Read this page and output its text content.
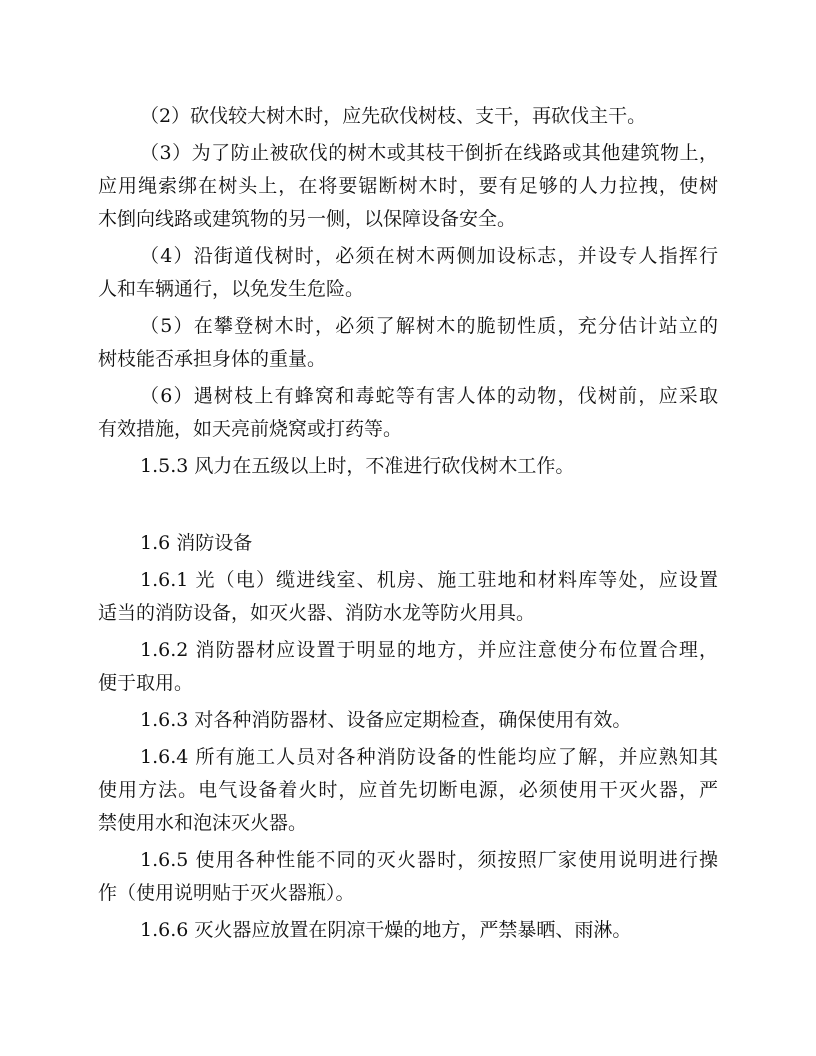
（2）砍伐较大树木时，应先砍伐树枝、支干，再砍伐主干。

（3）为了防止被砍伐的树木或其枝干倒折在线路或其他建筑物上，
应用绳索绑在树头上，在将要锯断树木时，要有足够的人力拉拽，使树
木倒向线路或建筑物的另一侧，以保障设备安全。

（4）沿街道伐树时，必须在树木两侧加设标志，并设专人指挥行
人和车辆通行，以免发生危险。

（5）在攀登树木时，必须了解树木的脆韧性质，充分估计站立的
树枝能否承担身体的重量。

（6）遇树枝上有蜂窝和毒蛇等有害人体的动物，伐树前，应采取
有效措施，如天亮前烧窝或打药等。

1.5.3 风力在五级以上时，不准进行砍伐树木工作。

1.6 消防设备

1.6.1 光（电）缆进线室、机房、施工驻地和材料库等处，应设置
适当的消防设备，如灭火器、消防水龙等防火用具。

1.6.2 消防器材应设置于明显的地方，并应注意使分布位置合理，
便于取用。

1.6.3 对各种消防器材、设备应定期检查，确保使用有效。

1.6.4 所有施工人员对各种消防设备的性能均应了解，并应熟知其
使用方法。电气设备着火时，应首先切断电源，必须使用干灭火器，严
禁使用水和泡沫灭火器。

1.6.5 使用各种性能不同的灭火器时，须按照厂家使用说明进行操
作（使用说明贴于灭火器瓶）。

1.6.6 灭火器应放置在阴凉干燥的地方，严禁暴晒、雨淋。
